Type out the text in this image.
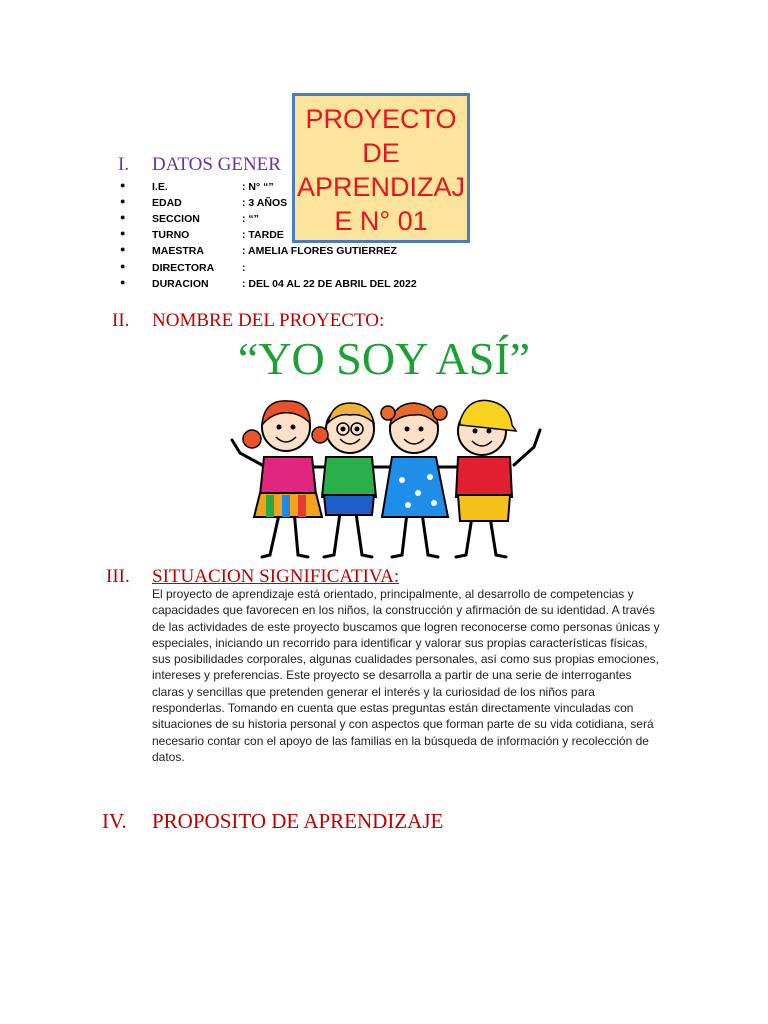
I. DATOS GENER
●	I.E.	: N° “”
●	EDAD	: 3 AÑOS
●	SECCION	: “”
●	TURNO	: TARDE
●	MAESTRA	: AMELIA FLORES GUTIERREZ
●	DIRECTORA	:
●	DURACION	: DEL 04 AL 22 DE ABRIL DEL 2022
PROYECTO
DE
APRENDIZAJ
E N° 01
II. NOMBRE DEL PROYECTO:
“YO SOY ASÍ”
III. SITUACION SIGNIFICATIVA:
El proyecto de aprendizaje está orientado, principalmente, al desarrollo de competencias y capacidades que favorecen en los niños, la construcción y afirmación de su identidad. A través de las actividades de este proyecto buscamos que logren reconocerse como personas únicas y especiales, iniciando un recorrido para identificar y valorar sus propias características físicas, sus posibilidades corporales, algunas cualidades personales, así como sus propias emociones, intereses y preferencias. Este proyecto se desarrolla a partir de una serie de interrogantes claras y sencillas que pretenden generar el interés y la curiosidad de los niños para responderlas. Tomando en cuenta que estas preguntas están directamente vinculadas con situaciones de su historia personal y con aspectos que forman parte de su vida cotidiana, será necesario contar con el apoyo de las familias en la búsqueda de información y recolección de datos.
IV. PROPOSITO DE APRENDIZAJE
